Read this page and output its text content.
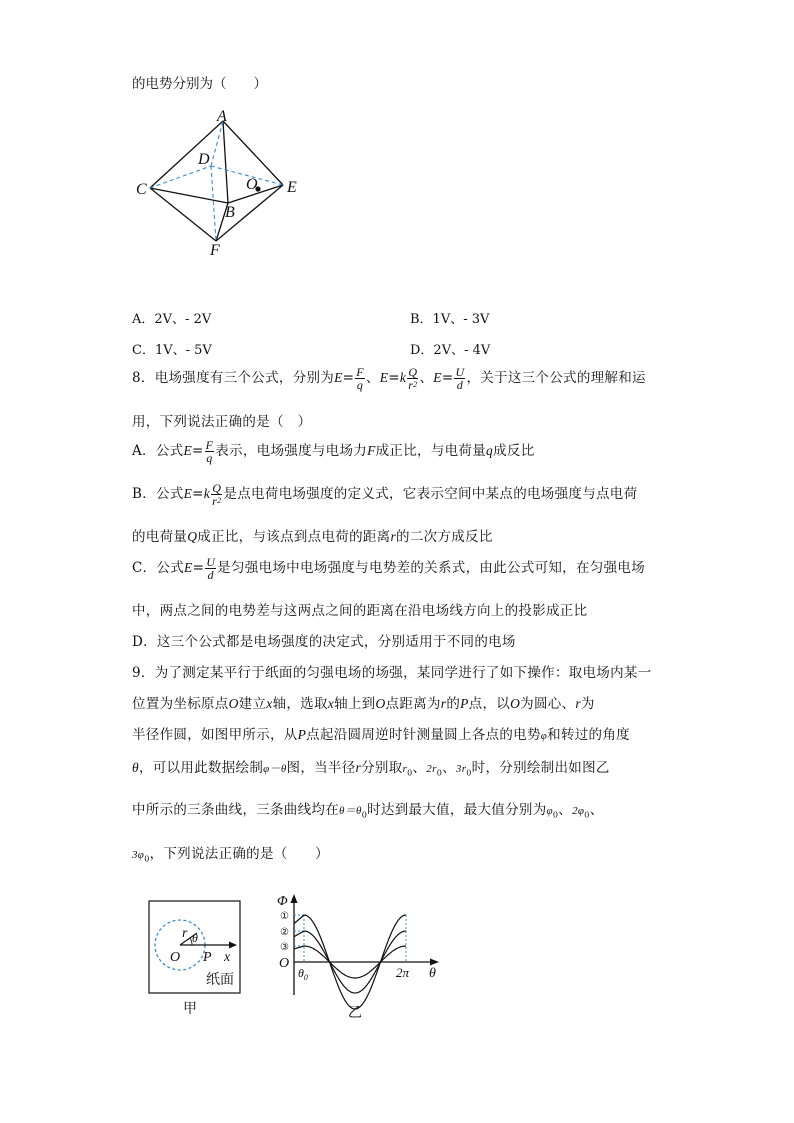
的电势分别为（　　）
A
C
D
O E
B
F
A．2V、- 2V	B．1V、- 3V
C．1V、- 5V	D．2V、- 4V
8．电场强度有三个公式，分别为$E= \frac{F}{q}$ 、$E=k \frac{Q}{r^2}$ 、$E= \frac{U}{d}$ ，关于这三个公式的理解和运
用，下列说法正确的是（　）
A．公式$E= \frac{F}{q}$ 表示，电场强度与电场力F成正比，与电荷量q成反比
B．公式$E=k \frac{Q}{r^2}$ 是点电荷电场强度的定义式，它表示空间中某点的电场强度与点电荷
的电荷量Q成正比，与该点到点电荷的距离r的二次方成反比
C．公式$E= \frac{U}{d}$ 是匀强电场中电场强度与电势差的关系式，由此公式可知，在匀强电场
中，两点之间的电势差与这两点之间的距离在沿电场线方向上的投影成正比
D．这三个公式都是电场强度的决定式，分别适用于不同的电场
9．为了测定某平行于纸面的匀强电场的场强，某同学进行了如下操作：取电场内某一
位置为坐标原点O建立x轴，选取x轴上到O点距离为r的P点，以O为圆心、r为
半径作圆，如图甲所示，从P点起沿圆周逆时针测量圆上各点的电势φ和转过的角度
θ，可以用此数据绘制φ－θ图，当半径r分别取$r_0$、$2r_0$、$3r_0$时，分别绘制出如图乙
中所示的三条曲线，三条曲线均在$\theta=\theta_0$时达到最大值，最大值分别为$\varphi_0$、$2\varphi_0$、
$3\varphi_0$，下列说法正确的是（　　）
r θ
O P x
纸面
甲
Φ
①
②
③
O
$\theta_0$	2π θ
乙
